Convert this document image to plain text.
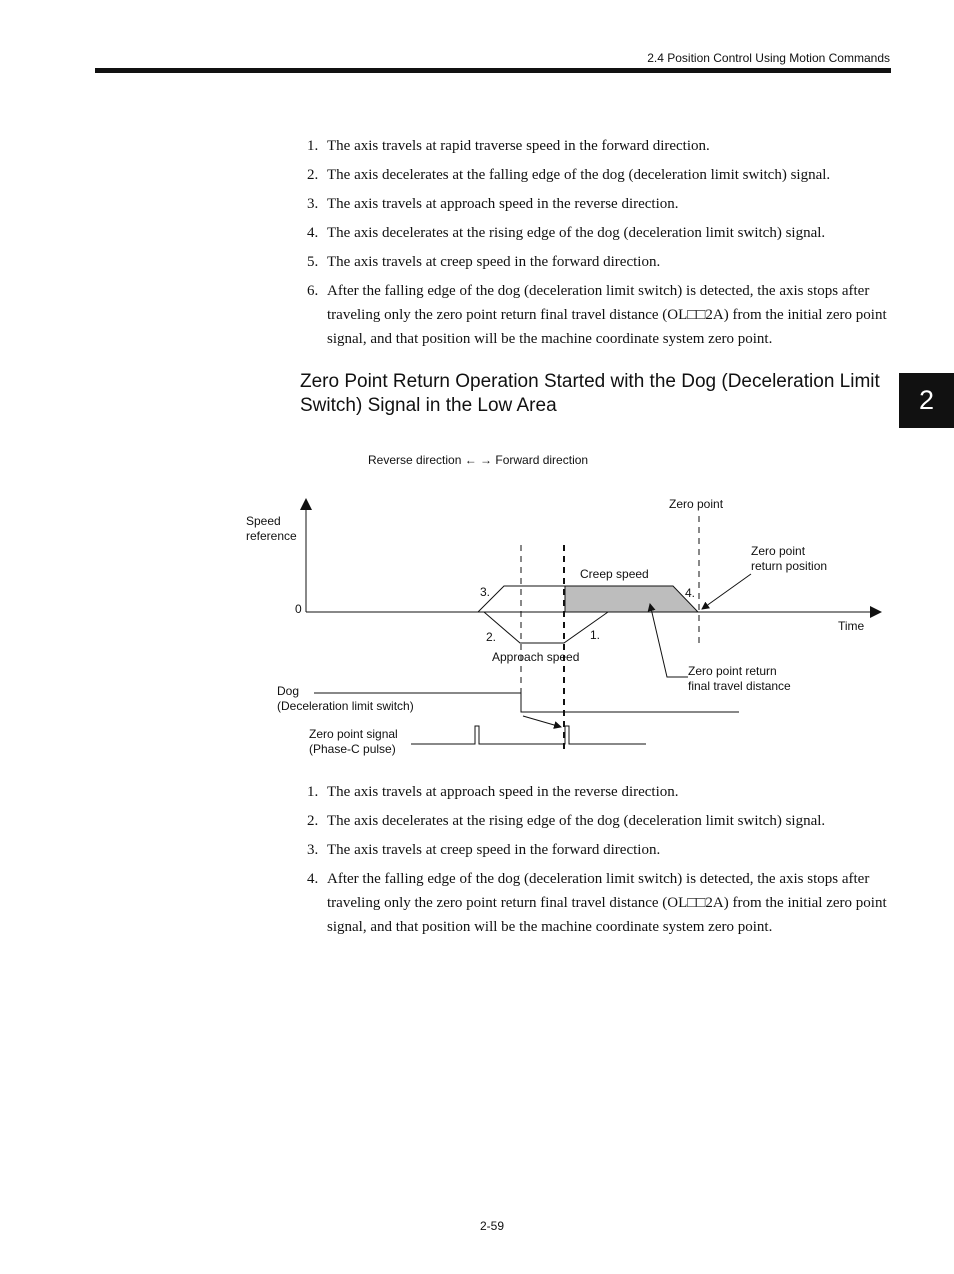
2.4 Position Control Using Motion Commands
2
1. The axis travels at rapid traverse speed in the forward direction.
2. The axis decelerates at the falling edge of the dog (deceleration limit switch) signal.
3. The axis travels at approach speed in the reverse direction.
4. The axis decelerates at the rising edge of the dog (deceleration limit switch) signal.
5. The axis travels at creep speed in the forward direction.
6. After the falling edge of the dog (deceleration limit switch) is detected, the axis stops after traveling only the zero point return final travel distance (OL□□2A) from the initial zero point signal, and that position will be the machine coordinate system zero point.
Zero Point Return Operation Started with the Dog (Deceleration Limit Switch) Signal in the Low Area
Reverse direction ← → Forward direction
Speed
reference
0
Time
Zero point
Zero point
return position
Creep speed
Approach speed
Zero point return
final travel distance
1.
2.
3.	4.
Dog
(Deceleration limit switch)
Zero point signal
(Phase-C pulse)
1. The axis travels at approach speed in the reverse direction.
2. The axis decelerates at the rising edge of the dog (deceleration limit switch) signal.
3. The axis travels at creep speed in the forward direction.
4. After the falling edge of the dog (deceleration limit switch) is detected, the axis stops after traveling only the zero point return final travel distance (OL□□2A) from the initial zero point signal, and that position will be the machine coordinate system zero point.
2-59
